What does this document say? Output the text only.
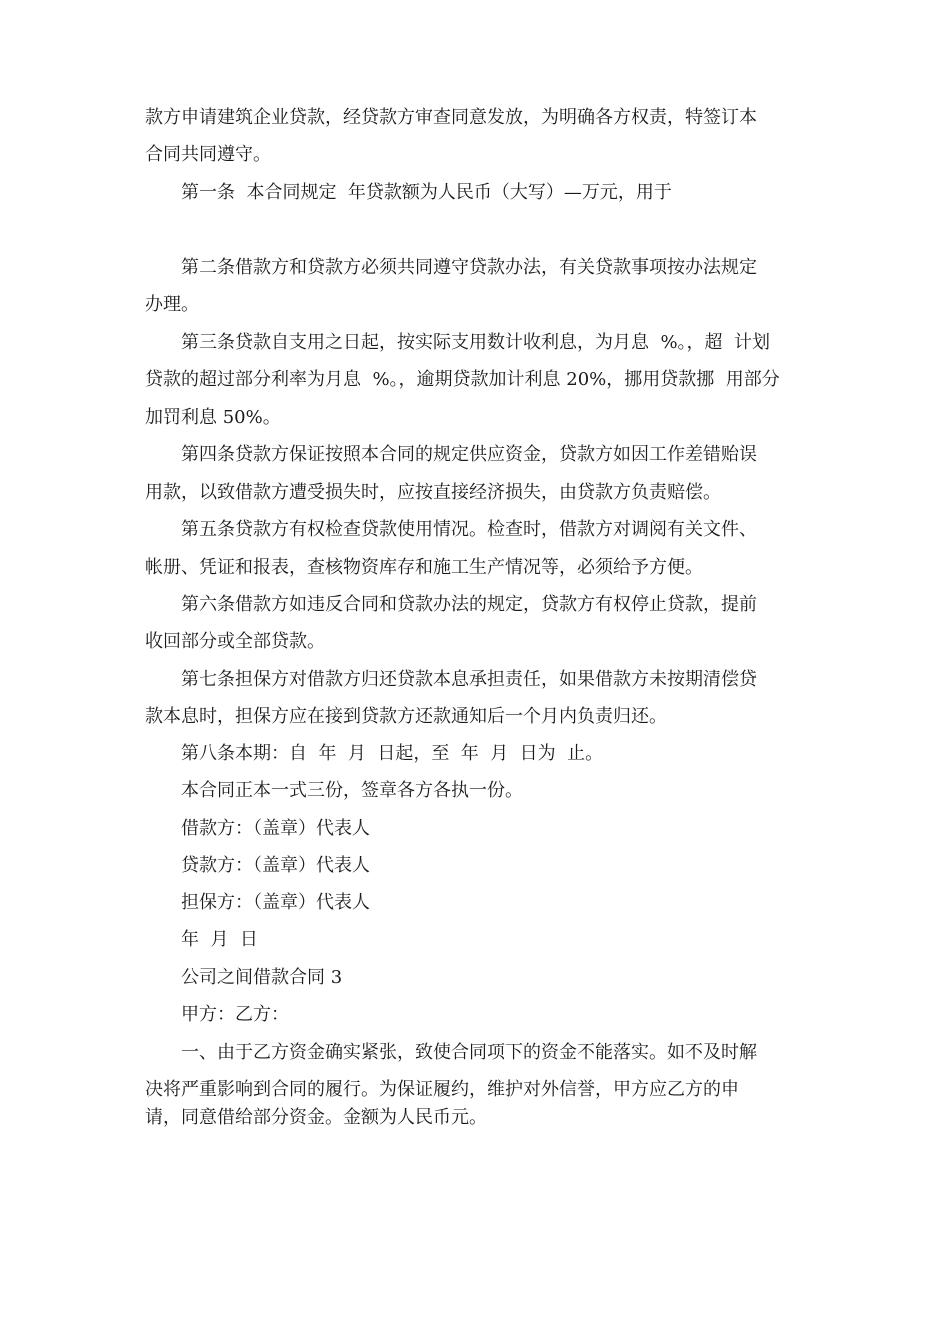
款方申请建筑企业贷款，经贷款方审查同意发放，为明确各方权责，特签订本
合同共同遵守。
第一条  本合同规定  年贷款额为人民币（大写）—万元，用于
第二条借款方和贷款方必须共同遵守贷款办法，有关贷款事项按办法规定
办理。
第三条贷款自支用之日起，按实际支用数计收利息，为月息  %。，超  计划
贷款的超过部分利率为月息  %。，逾期贷款加计利息 20%，挪用贷款挪  用部分
加罚利息 50%。
第四条贷款方保证按照本合同的规定供应资金，贷款方如因工作差错贻误
用款，以致借款方遭受损失时，应按直接经济损失，由贷款方负责赔偿。
第五条贷款方有权检查贷款使用情况。检查时，借款方对调阅有关文件、
帐册、凭证和报表，查核物资库存和施工生产情况等，必须给予方便。
第六条借款方如违反合同和贷款办法的规定，贷款方有权停止贷款，提前
收回部分或全部贷款。
第七条担保方对借款方归还贷款本息承担责任，如果借款方未按期清偿贷
款本息时，担保方应在接到贷款方还款通知后一个月内负责归还。
第八条本期：自  年  月  日起，至  年  月  日为  止。
本合同正本一式三份，签章各方各执一份。
借款方：（盖章）代表人
贷款方：（盖章）代表人
担保方：（盖章）代表人
年  月  日
公司之间借款合同 3
甲方：乙方：
一、由于乙方资金确实紧张，致使合同项下的资金不能落实。如不及时解
决将严重影响到合同的履行。为保证履约，维护对外信誉，甲方应乙方的申
请，同意借给部分资金。金额为人民币元。
